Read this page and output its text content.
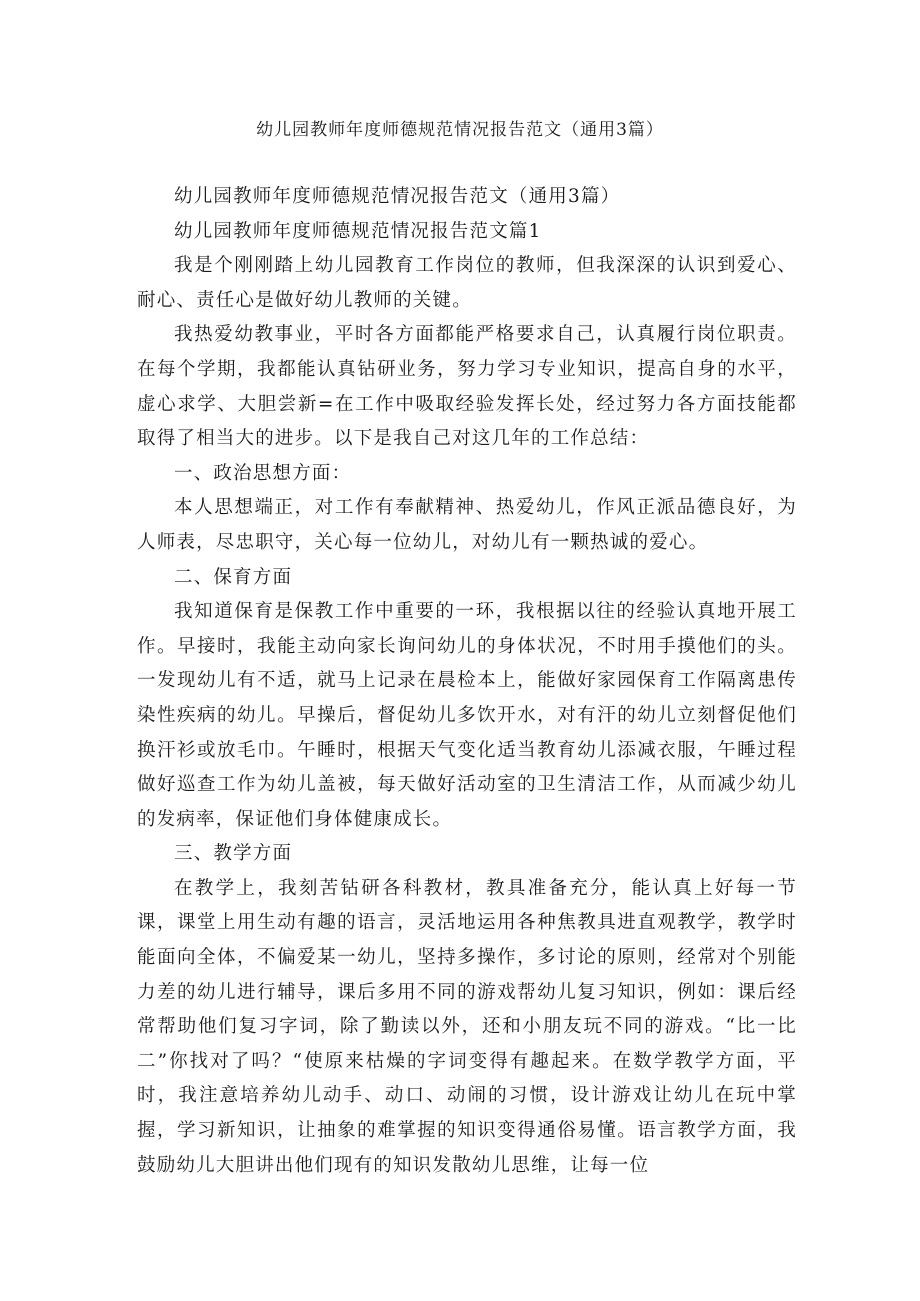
幼儿园教师年度师德规范情况报告范文（通用3篇）

幼儿园教师年度师德规范情况报告范文（通用3篇）

幼儿园教师年度师德规范情况报告范文篇1

我是个刚刚踏上幼儿园教育工作岗位的教师，但我深深的认识到爱心、耐心、责任心是做好幼儿教师的关键。

我热爱幼教事业，平时各方面都能严格要求自己，认真履行岗位职责。在每个学期，我都能认真钻研业务，努力学习专业知识，提高自身的水平，虚心求学、大胆尝新=在工作中吸取经验发挥长处，经过努力各方面技能都取得了相当大的进步。以下是我自己对这几年的工作总结：

一、政治思想方面：

本人思想端正，对工作有奉献精神、热爱幼儿，作风正派品德良好，为人师表，尽忠职守，关心每一位幼儿，对幼儿有一颗热诚的爱心。

二、保育方面

我知道保育是保教工作中重要的一环，我根据以往的经验认真地开展工作。早接时，我能主动向家长询问幼儿的身体状况，不时用手摸他们的头。一发现幼儿有不适，就马上记录在晨检本上，能做好家园保育工作隔离患传染性疾病的幼儿。早操后，督促幼儿多饮开水，对有汗的幼儿立刻督促他们换汗衫或放毛巾。午睡时，根据天气变化适当教育幼儿添减衣服，午睡过程做好巡查工作为幼儿盖被，每天做好活动室的卫生清洁工作，从而减少幼儿的发病率，保证他们身体健康成长。

三、教学方面

在教学上，我刻苦钻研各科教材，教具准备充分，能认真上好每一节课，课堂上用生动有趣的语言，灵活地运用各种焦教具进直观教学，教学时能面向全体，不偏爱某一幼儿，坚持多操作，多讨论的原则，经常对个别能力差的幼儿进行辅导，课后多用不同的游戏帮幼儿复习知识，例如：课后经常帮助他们复习字词，除了勤读以外，还和小朋友玩不同的游戏。“比一比二”你找对了吗？“使原来枯燥的字词变得有趣起来。在数学教学方面，平时，我注意培养幼儿动手、动口、动闹的习惯，设计游戏让幼儿在玩中掌握，学习新知识，让抽象的难掌握的知识变得通俗易懂。语言教学方面，我鼓励幼儿大胆讲出他们现有的知识发散幼儿思维，让每一位
